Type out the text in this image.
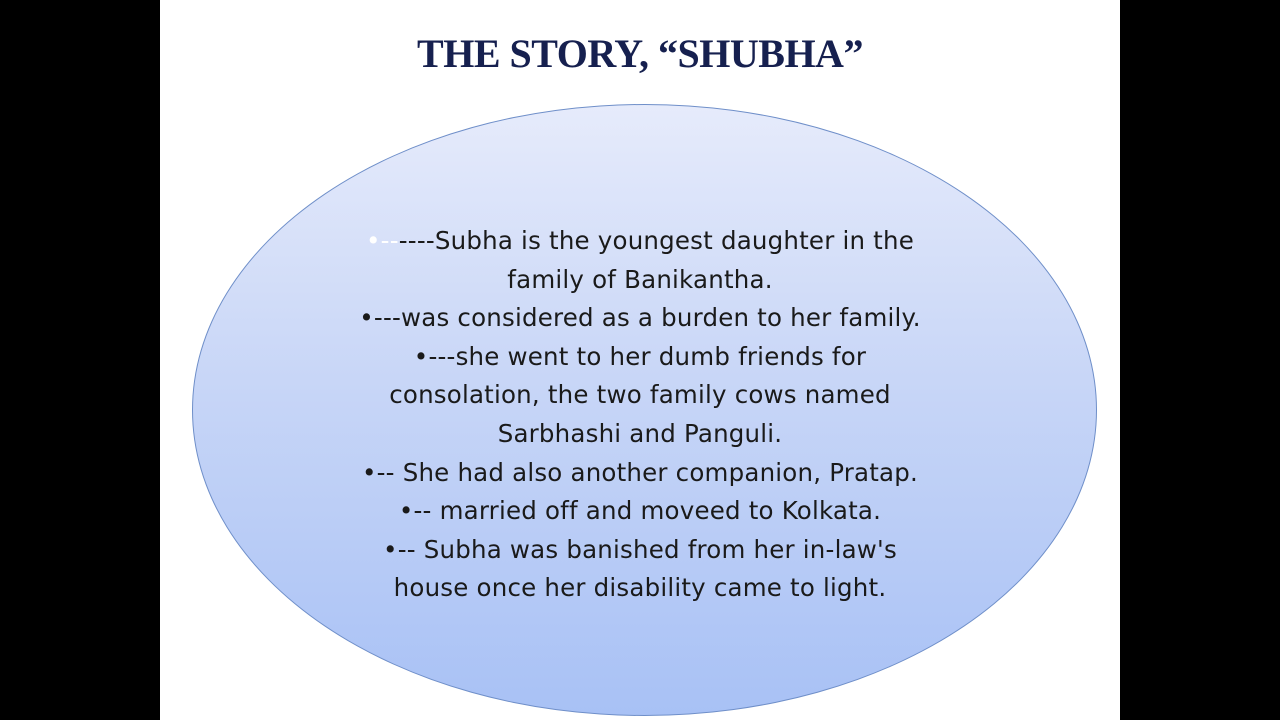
THE STORY, “SHUBHA”
•------Subha is the youngest daughter in the
family of Banikantha.
•---was considered as a burden to her family.
•---she went to her dumb friends for
consolation, the two family cows named
Sarbhashi and Panguli.
•-- She had also another companion, Pratap.
•-- married off and moveed to Kolkata.
•-- Subha was banished from her in-law's
house once her disability came to light.
